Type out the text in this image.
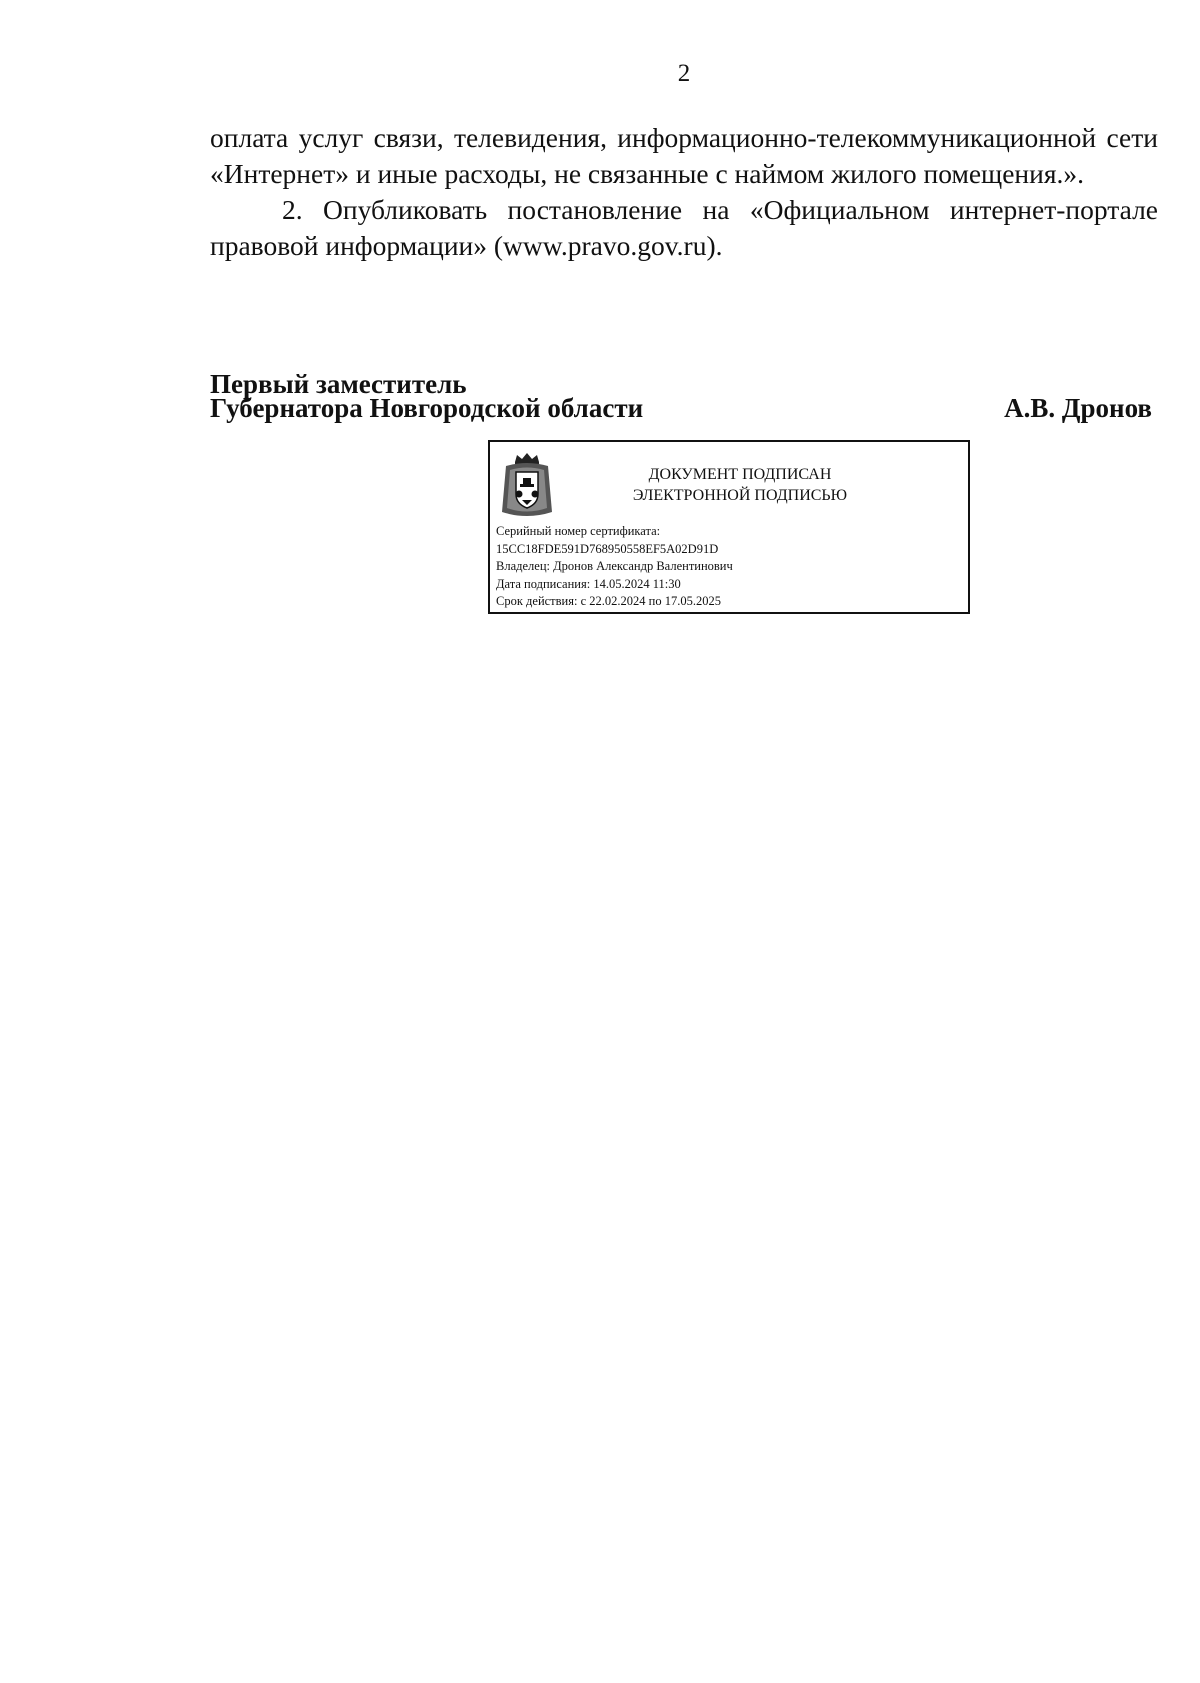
2

оплата услуг связи, телевидения, информационно-телекоммуникационной сети «Интернет» и иные расходы, не связанные с наймом жилого помещения.».

2. Опубликовать постановление на «Официальном интернет-портале правовой информации» (www.pravo.gov.ru).

Первый заместитель
Губернатора Новгородской области	А.В. Дронов
ДОКУМЕНТ ПОДПИСАН
ЭЛЕКТРОННОЙ ПОДПИСЬЮ
Серийный номер сертификата:
15CC18FDE591D768950558EF5A02D91D
Владелец: Дронов Александр Валентинович
Дата подписания: 14.05.2024 11:30
Срок действия: с 22.02.2024 по 17.05.2025
